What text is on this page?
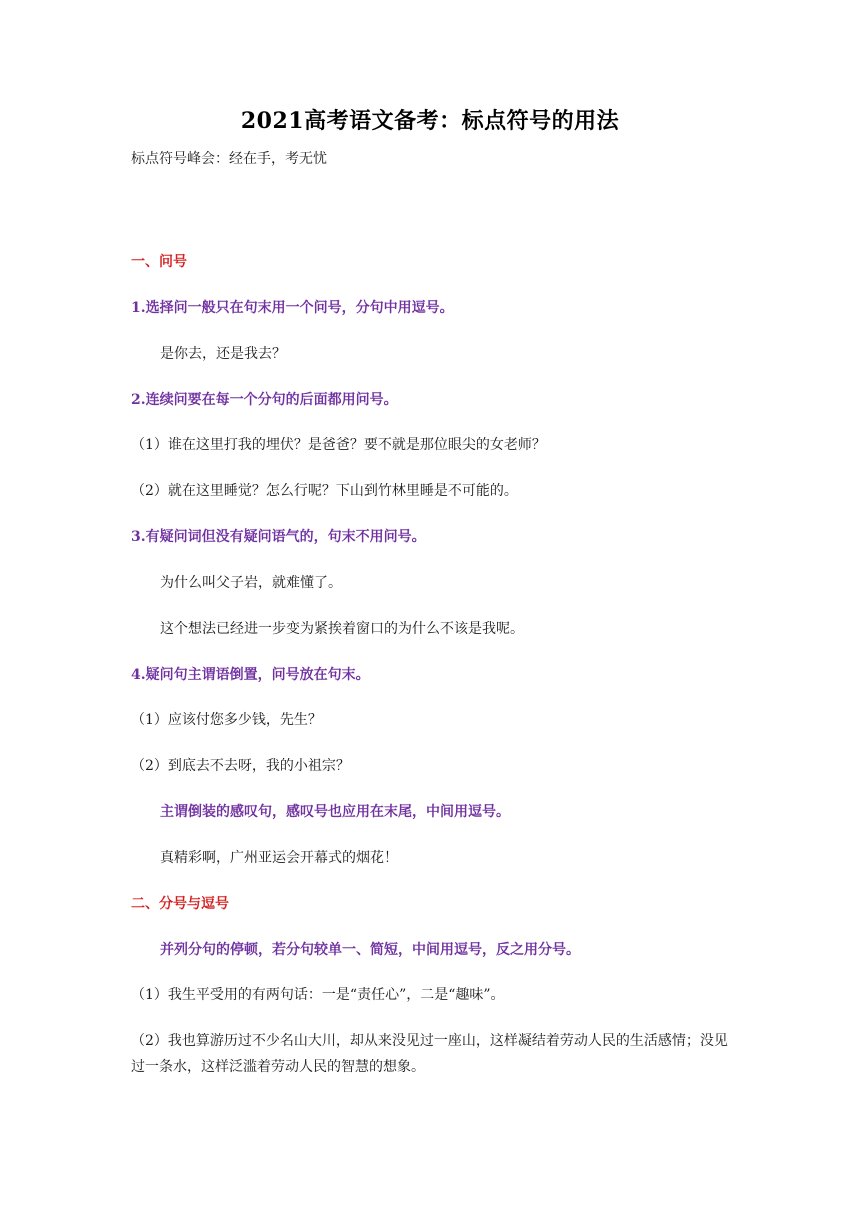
2021高考语文备考：标点符号的用法
标点符号峰会：经在手，考无忧
一、问号
1.选择问一般只在句末用一个问号，分句中用逗号。
是你去，还是我去？
2.连续问要在每一个分句的后面都用问号。
（1）谁在这里打我的埋伏？是爸爸？要不就是那位眼尖的女老师？
（2）就在这里睡觉？怎么行呢？下山到竹林里睡是不可能的。
3.有疑问词但没有疑问语气的，句末不用问号。
为什么叫父子岩，就难懂了。
这个想法已经进一步变为紧挨着窗口的为什么不该是我呢。
4.疑问句主谓语倒置，问号放在句末。
（1）应该付您多少钱，先生？
（2）到底去不去呀，我的小祖宗？
主谓倒装的感叹句，感叹号也应用在末尾，中间用逗号。
真精彩啊，广州亚运会开幕式的烟花！
二、分号与逗号
并列分句的停顿，若分句较单一、简短，中间用逗号，反之用分号。
（1）我生平受用的有两句话：一是“责任心”，二是“趣味”。
（2）我也算游历过不少名山大川，却从来没见过一座山，这样凝结着劳动人民的生活感情；没见过一条水，这样泛滥着劳动人民的智慧的想象。
